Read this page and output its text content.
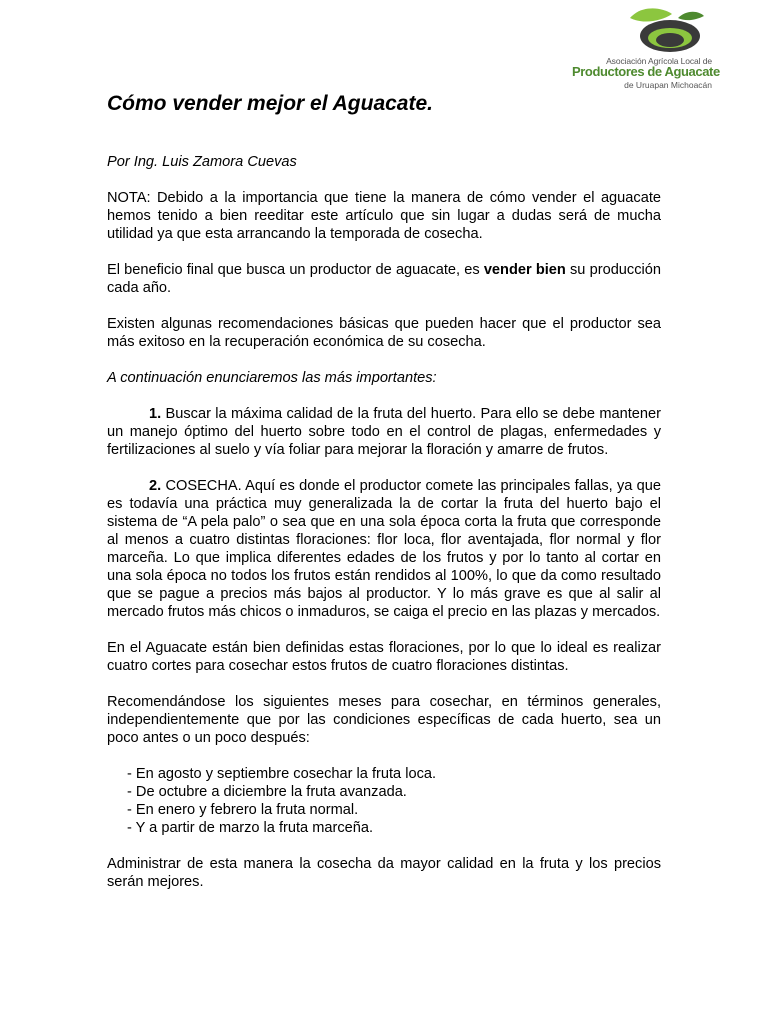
Asociación Agrícola Local de
Productores de Aguacate
de Uruapan Michoacán
Cómo vender mejor el Aguacate.

Por Ing. Luis Zamora Cuevas

NOTA: Debido a la importancia que tiene la manera de cómo vender el aguacate hemos tenido a bien reeditar este artículo que sin lugar a dudas será de mucha utilidad ya que esta arrancando la temporada de cosecha.

El beneficio final que busca un productor de aguacate, es vender bien su producción cada año.

Existen algunas recomendaciones básicas que pueden hacer que el productor sea más exitoso en la recuperación económica de su cosecha.

A continuación enunciaremos las más importantes:

1. Buscar la máxima calidad de la fruta del huerto. Para ello se debe mantener un manejo óptimo del huerto sobre todo en el control de plagas, enfermedades y fertilizaciones al suelo y vía foliar para mejorar la floración y amarre de frutos.

2. COSECHA. Aquí es donde el productor comete las principales fallas, ya que es todavía una práctica muy generalizada la de cortar la fruta del huerto bajo el sistema de “A pela palo” o sea que en una sola época corta la fruta que corresponde al menos a cuatro distintas floraciones: flor loca, flor aventajada, flor normal y flor marceña. Lo que implica diferentes edades de los frutos y por lo tanto al cortar en una sola época no todos los frutos están rendidos al 100%, lo que da como resultado que se pague a precios más bajos al productor. Y lo más grave es que al salir al mercado frutos más chicos o inmaduros, se caiga el precio en las plazas y mercados.

En el Aguacate están bien definidas estas floraciones, por lo que lo ideal es realizar cuatro cortes para cosechar estos frutos de cuatro floraciones distintas.

Recomendándose los siguientes meses para cosechar, en términos generales, independientemente que por las condiciones específicas de cada huerto, sea un poco antes o un poco después:

- En agosto y septiembre cosechar la fruta loca.
- De octubre a diciembre la fruta avanzada.
- En enero y febrero la fruta normal.
- Y a partir de marzo la fruta marceña.

Administrar de esta manera la cosecha da mayor calidad en la fruta y los precios serán mejores.
